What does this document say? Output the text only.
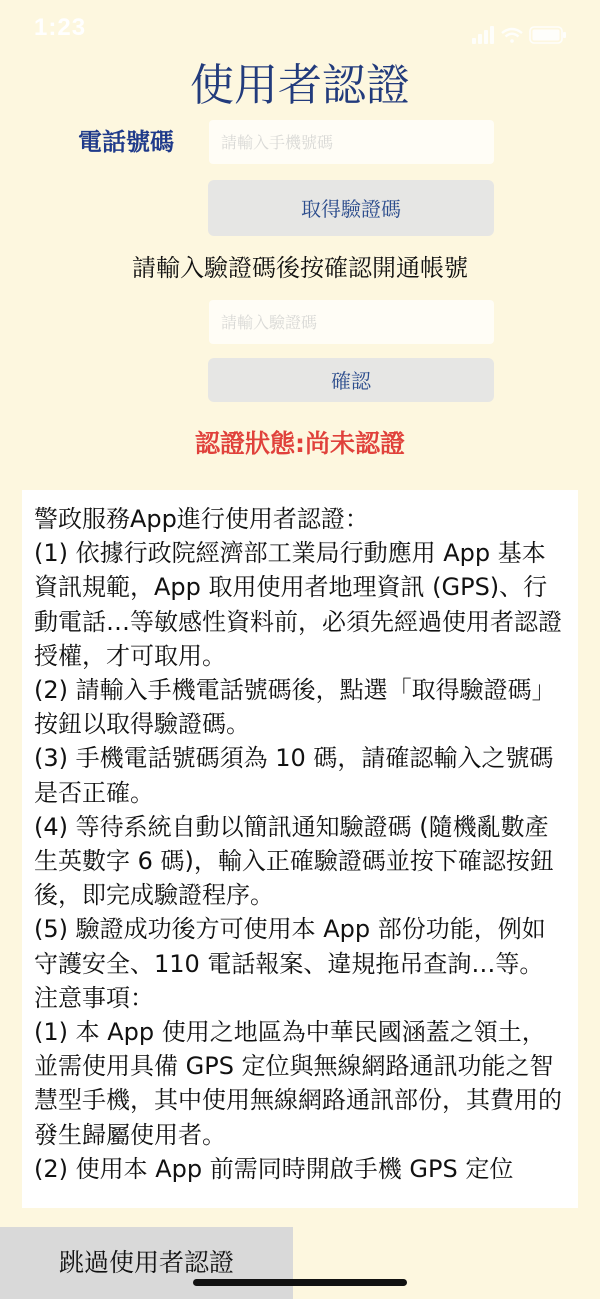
1:23
使用者認證
電話號碼
請輸入手機號碼
取得驗證碼
請輸入驗證碼後按確認開通帳號
請輸入驗證碼
確認
認證狀態:尚未認證
警政服務App進行使用者認證：
(1) 依據行政院經濟部工業局行動應用 App 基本資訊規範，App 取用使用者地理資訊 (GPS)、行動電話…等敏感性資料前，必須先經過使用者認證授權，才可取用。
(2) 請輸入手機電話號碼後，點選「取得驗證碼」按鈕以取得驗證碼。
(3) 手機電話號碼須為 10 碼，請確認輸入之號碼是否正確。
(4) 等待系統自動以簡訊通知驗證碼 (隨機亂數產生英數字 6 碼)，輸入正確驗證碼並按下確認按鈕後，即完成驗證程序。
(5) 驗證成功後方可使用本 App 部份功能，例如守護安全、110 電話報案、違規拖吊查詢…等。
注意事項：
(1) 本 App 使用之地區為中華民國涵蓋之領土，並需使用具備 GPS 定位與無線網路通訊功能之智慧型手機，其中使用無線網路通訊部份，其費用的發生歸屬使用者。
(2) 使用本 App 前需同時開啟手機 GPS 定位
跳過使用者認證
